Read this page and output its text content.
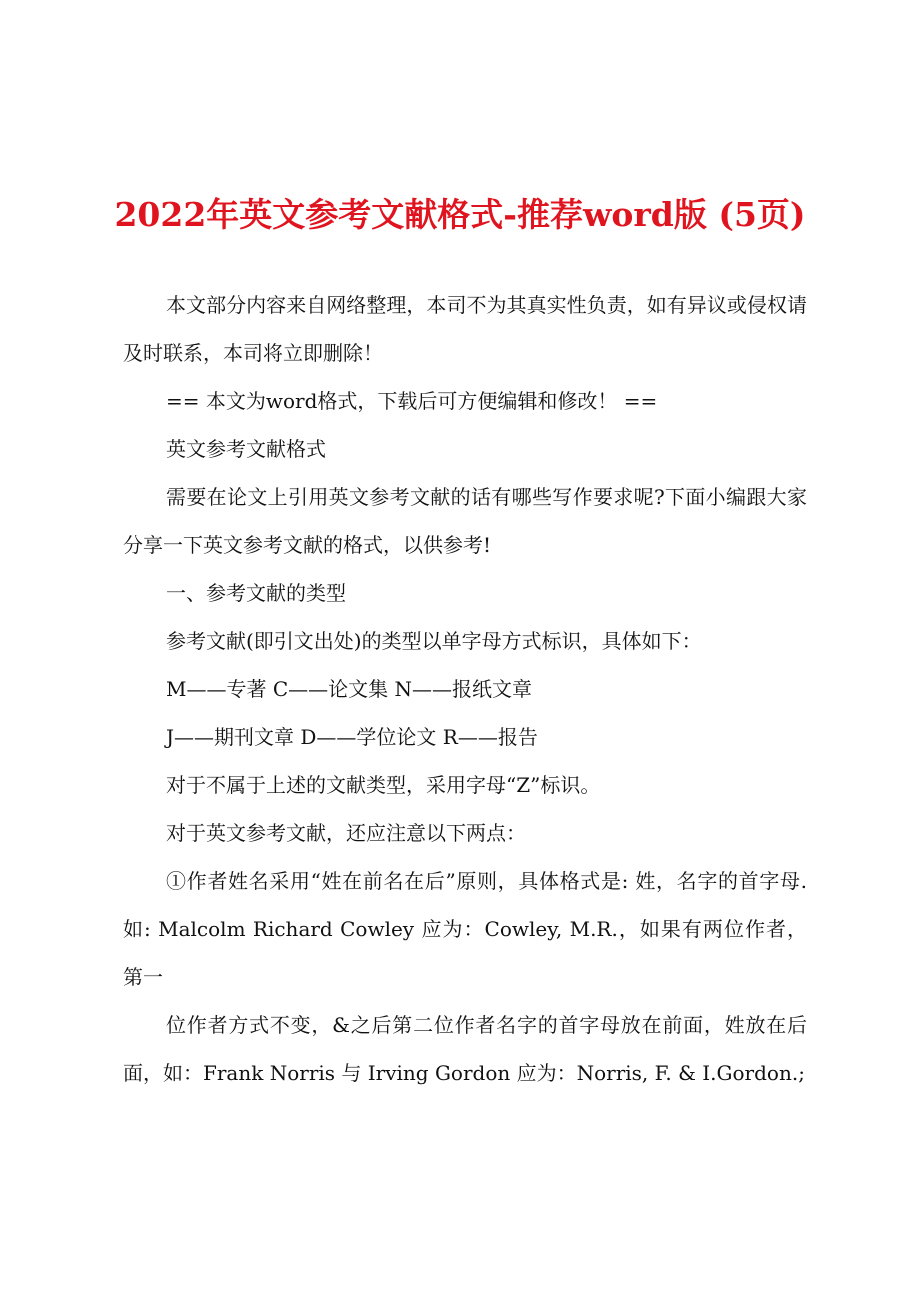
2022年英文参考文献格式-推荐word版 (5页)

本文部分内容来自网络整理，本司不为其真实性负责，如有异议或侵权请及时联系，本司将立即删除！

== 本文为word格式，下载后可方便编辑和修改！ ==

英文参考文献格式

需要在论文上引用英文参考文献的话有哪些写作要求呢?下面小编跟大家分享一下英文参考文献的格式，以供参考!

一、参考文献的类型

参考文献(即引文出处)的类型以单字母方式标识，具体如下：

M——专著 C——论文集 N——报纸文章

J——期刊文章 D——学位论文 R——报告

对于不属于上述的文献类型，采用字母“Z”标识。

对于英文参考文献，还应注意以下两点：

①作者姓名采用“姓在前名在后”原则，具体格式是: 姓，名字的首字母. 如: Malcolm Richard Cowley 应为：Cowley, M.R.，如果有两位作者，第一

位作者方式不变，&之后第二位作者名字的首字母放在前面，姓放在后面，如：Frank Norris 与 Irving Gordon 应为：Norris, F. & I.Gordon.;
